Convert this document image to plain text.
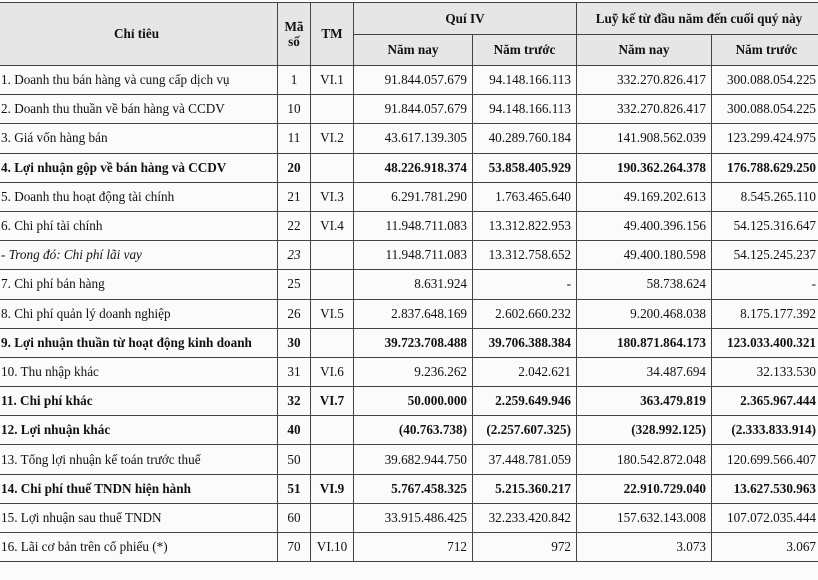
Chỉ tiêu	Mã số	TM	Quí IV		Luỹ kế từ đầu năm đến cuối quý này	
			Năm nay	Năm trước	Năm nay	Năm trước
1. Doanh thu bán hàng và cung cấp dịch vụ	1	VI.1	91.844.057.679	94.148.166.113	332.270.826.417	300.088.054.225
2. Doanh thu thuần về bán hàng và CCDV	10		91.844.057.679	94.148.166.113	332.270.826.417	300.088.054.225
3. Giá vốn hàng bán	11	VI.2	43.617.139.305	40.289.760.184	141.908.562.039	123.299.424.975
4. Lợi nhuận gộp về bán hàng và CCDV	20		48.226.918.374	53.858.405.929	190.362.264.378	176.788.629.250
5. Doanh thu hoạt động tài chính	21	VI.3	6.291.781.290	1.763.465.640	49.169.202.613	8.545.265.110
6. Chi phí tài chính	22	VI.4	11.948.711.083	13.312.822.953	49.400.396.156	54.125.316.647
- Trong đó: Chi phí lãi vay	23		11.948.711.083	13.312.758.652	49.400.180.598	54.125.245.237
7. Chi phí bán hàng	25		8.631.924	-	58.738.624	-
8. Chi phí quản lý doanh nghiệp	26	VI.5	2.837.648.169	2.602.660.232	9.200.468.038	8.175.177.392
9. Lợi nhuận thuần từ hoạt động kinh doanh	30		39.723.708.488	39.706.388.384	180.871.864.173	123.033.400.321
10. Thu nhập khác	31	VI.6	9.236.262	2.042.621	34.487.694	32.133.530
11. Chi phí khác	32	VI.7	50.000.000	2.259.649.946	363.479.819	2.365.967.444
12. Lợi nhuận khác	40		(40.763.738)	(2.257.607.325)	(328.992.125)	(2.333.833.914)
13. Tổng lợi nhuận kế toán trước thuế	50		39.682.944.750	37.448.781.059	180.542.872.048	120.699.566.407
14. Chi phí thuế TNDN hiện hành	51	VI.9	5.767.458.325	5.215.360.217	22.910.729.040	13.627.530.963
15. Lợi nhuận sau thuế TNDN	60		33.915.486.425	32.233.420.842	157.632.143.008	107.072.035.444
16. Lãi cơ bản trên cổ phiếu (*)	70	VI.10	712	972	3.073	3.067
